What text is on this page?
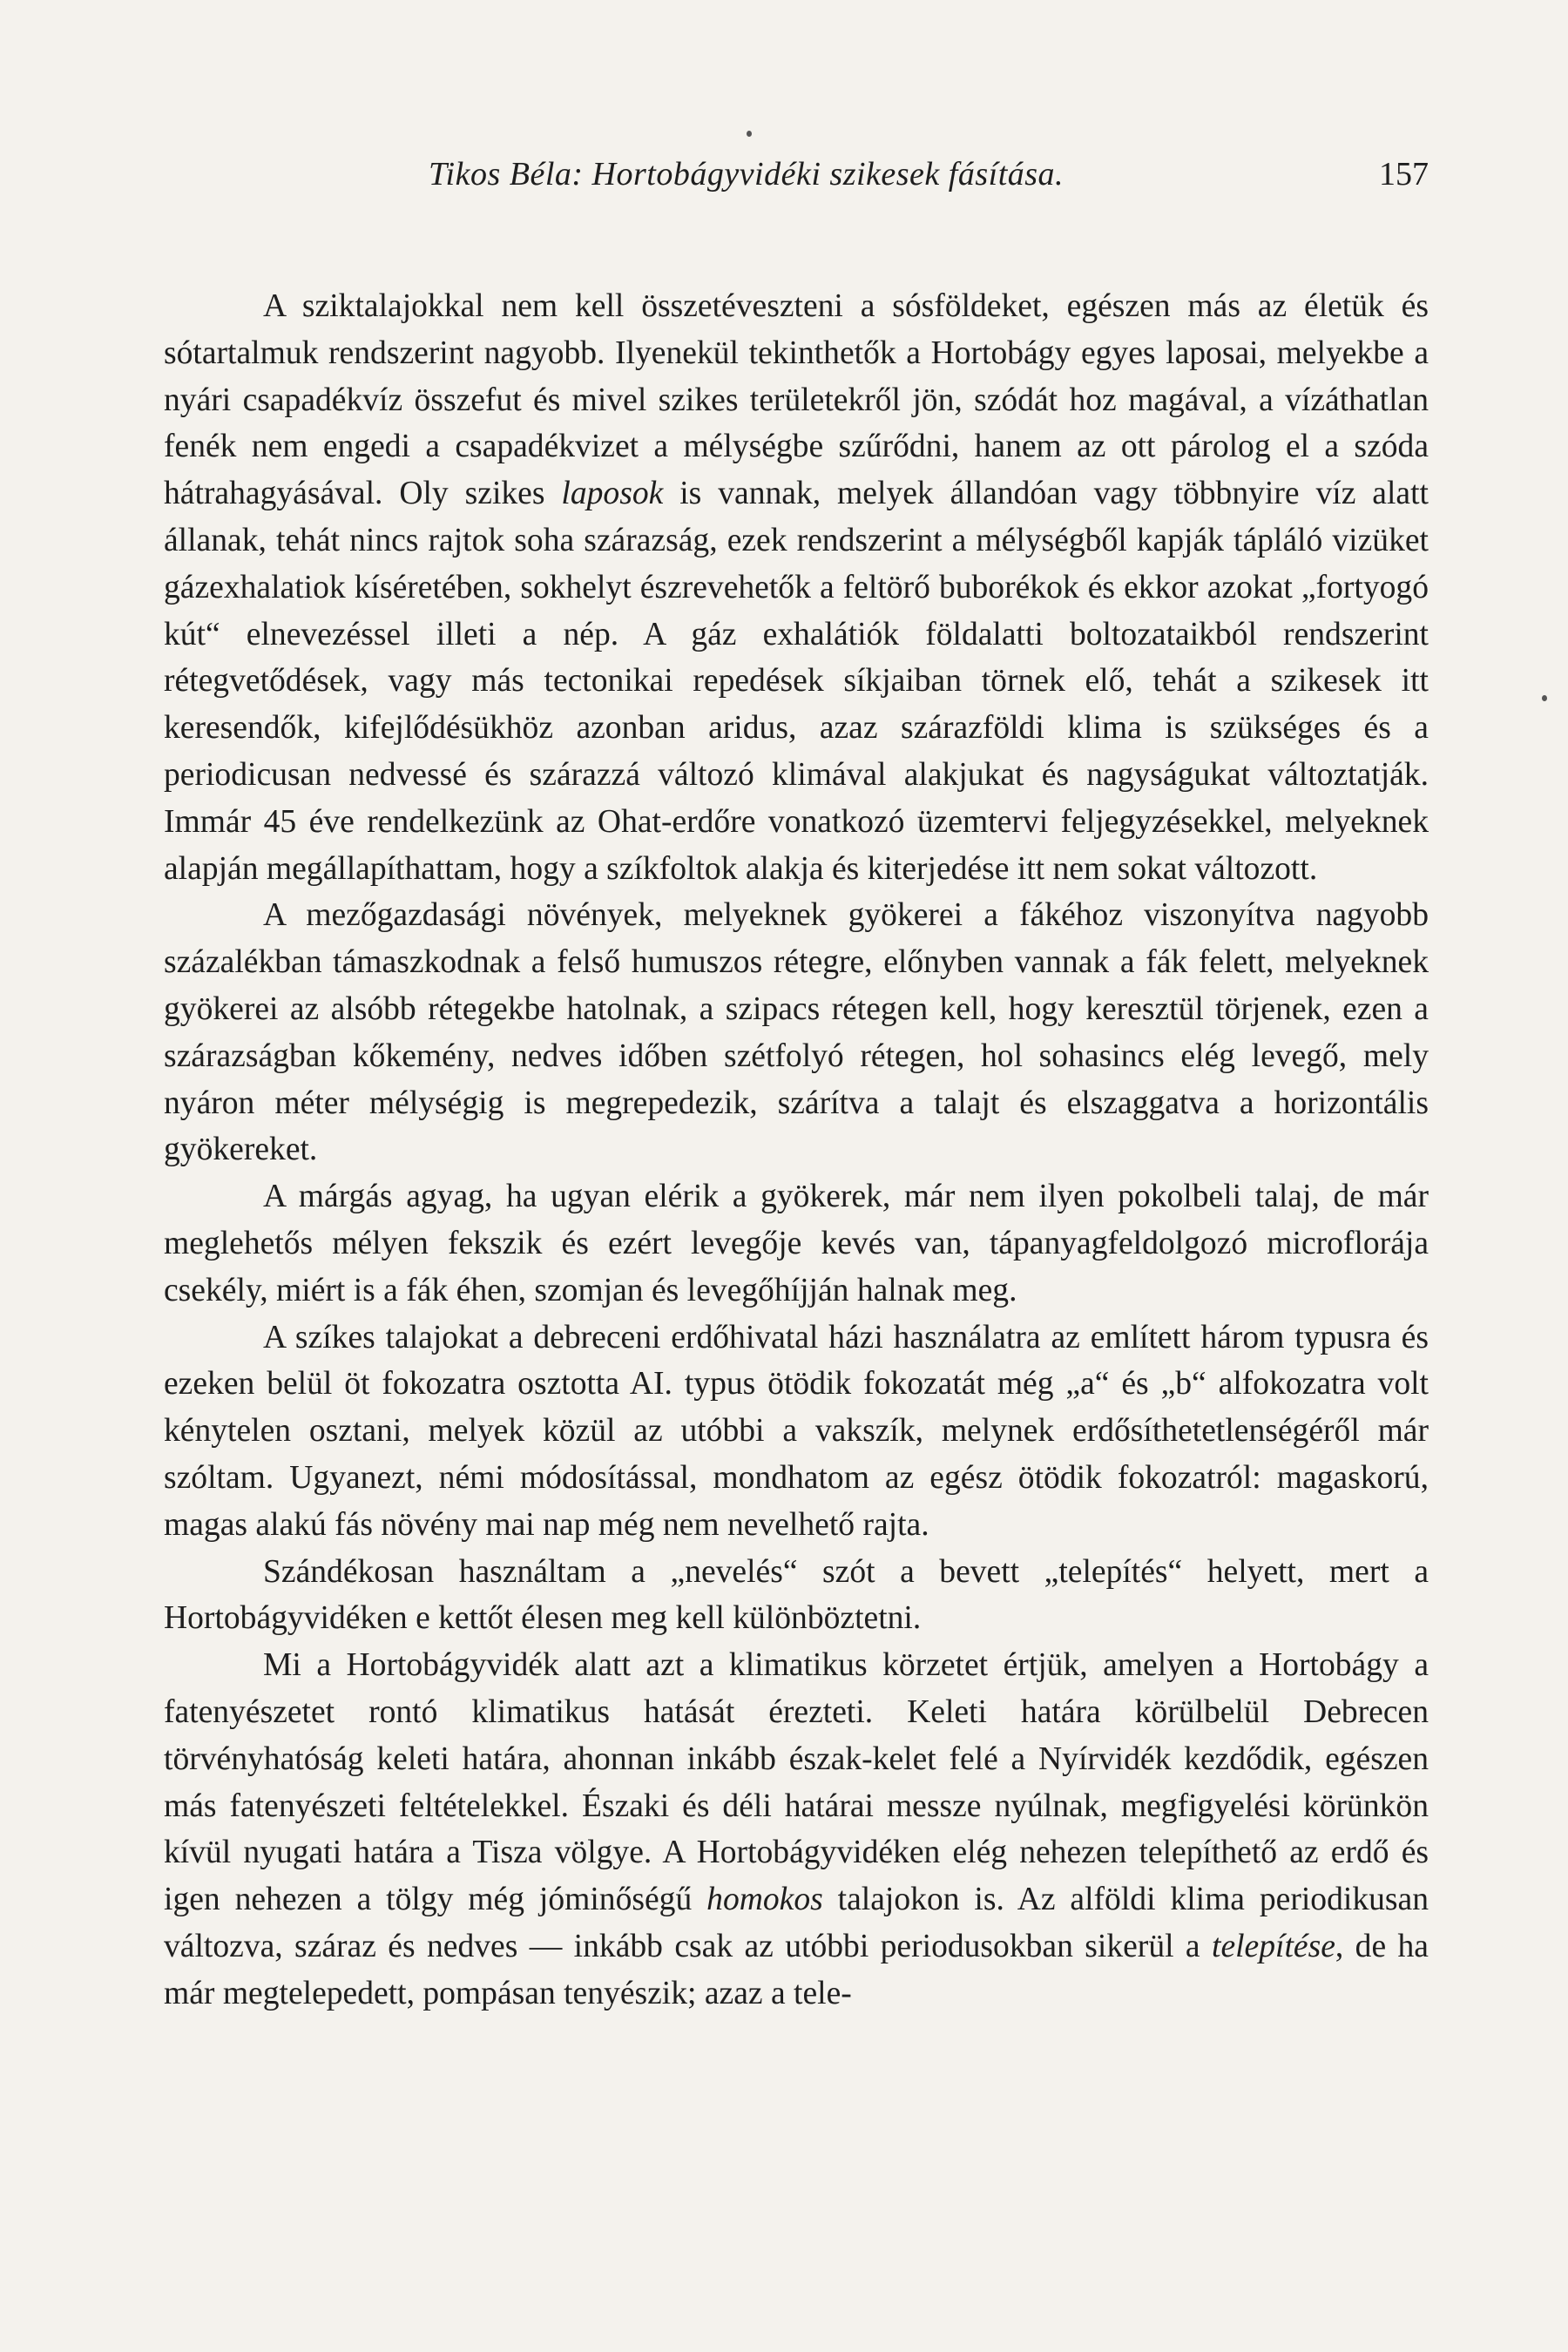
Tikos Béla: Hortobágyvidéki szikesek fásítása.	157

A sziktalajokkal nem kell összetéveszteni a sósföldeket, egészen más az életük és sótartalmuk rendszerint nagyobb. Ilyenekül tekinthetők a Hortobágy egyes laposai, melyekbe a nyári csapadékvíz összefut és mivel szikes területekről jön, szódát hoz magával, a vízáthatlan fenék nem engedi a csapadékvizet a mélységbe szűrődni, hanem az ott párolog el a szóda hátrahagyásával. Oly szikes laposok is vannak, melyek állandóan vagy többnyire víz alatt állanak, tehát nincs rajtok soha szárazság, ezek rendszerint a mélységből kapják tápláló vizüket gázexhalatiok kíséretében, sokhelyt észrevehetők a feltörő buborékok és ekkor azokat „fortyogó kút“ elnevezéssel illeti a nép. A gáz exhalátiók földalatti boltozataikból rendszerint rétegvetődések, vagy más tectonikai repedések síkjaiban törnek elő, tehát a szikesek itt keresendők, kifejlődésükhöz azonban aridus, azaz szárazföldi klima is szükséges és a periodicusan nedvessé és szárazzá változó klimával alakjukat és nagyságukat változtatják. Immár 45 éve rendelkezünk az Ohat-erdőre vonatkozó üzemtervi feljegyzésekkel, melyeknek alapján megállapíthattam, hogy a szíkfoltok alakja és kiterjedése itt nem sokat változott.

A mezőgazdasági növények, melyeknek gyökerei a fákéhoz viszonyítva nagyobb százalékban támaszkodnak a felső humuszos rétegre, előnyben vannak a fák felett, melyeknek gyökerei az alsóbb rétegekbe hatolnak, a szipacs rétegen kell, hogy keresztül törjenek, ezen a szárazságban kőkemény, nedves időben szétfolyó rétegen, hol sohasincs elég levegő, mely nyáron méter mélységig is megrepedezik, szárítva a talajt és elszaggatva a horizontális gyökereket.

A márgás agyag, ha ugyan elérik a gyökerek, már nem ilyen pokolbeli talaj, de már meglehetős mélyen fekszik és ezért levegője kevés van, tápanyagfeldolgozó microflorája csekély, miért is a fák éhen, szomjan és levegőhíjján halnak meg.

A szíkes talajokat a debreceni erdőhivatal házi használatra az említett három typusra és ezeken belül öt fokozatra osztotta AI. typus ötödik fokozatát még „a“ és „b“ alfokozatra volt kénytelen osztani, melyek közül az utóbbi a vakszík, melynek erdősíthetetlenségéről már szóltam. Ugyanezt, némi módosítással, mondhatom az egész ötödik fokozatról: magaskorú, magas alakú fás növény mai nap még nem nevelhető rajta.

Szándékosan használtam a „nevelés“ szót a bevett „telepítés“ helyett, mert a Hortobágyvidéken e kettőt élesen meg kell különböztetni.

Mi a Hortobágyvidék alatt azt a klimatikus körzetet értjük, amelyen a Hortobágy a fatenyészetet rontó klimatikus hatását érezteti. Keleti határa körülbelül Debrecen törvényhatóság keleti határa, ahonnan inkább észak-kelet felé a Nyírvidék kezdődik, egészen más fatenyészeti feltételekkel. Északi és déli határai messze nyúlnak, megfigyelési körünkön kívül nyugati határa a Tisza völgye. A Hortobágyvidéken elég nehezen telepíthető az erdő és igen nehezen a tölgy még jóminőségű homokos talajokon is. Az alföldi klima periodikusan változva, száraz és nedves — inkább csak az utóbbi periodusokban sikerül a telepítése, de ha már megtelepedett, pompásan tenyészik; azaz a tele-
